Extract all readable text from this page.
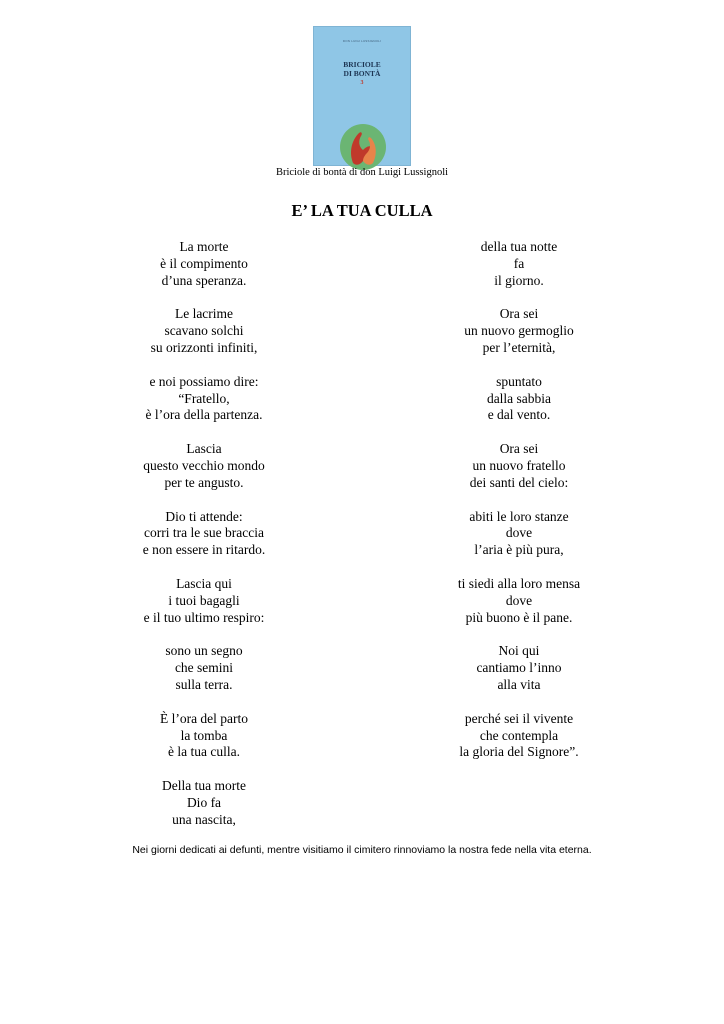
DON LUIGI LUSSIGNOLI
BRICIOLE
DI BONTÀ
3
Briciole di bontà di don Luigi Lussignoli
E’ LA TUA CULLA
La morte
è il compimento
d’una speranza.
Le lacrime
scavano solchi
su orizzonti infiniti,
e noi possiamo dire:
“Fratello,
è l’ora della partenza.
Lascia
questo vecchio mondo
per te angusto.
Dio ti attende:
corri tra le sue braccia
e non essere in ritardo.
Lascia qui
i tuoi bagagli
e il tuo ultimo respiro:
sono un segno
che semini
sulla terra.
È l’ora del parto
la tomba
è la tua culla.
Della tua morte
Dio fa
una nascita,
della tua notte
fa
il giorno.
Ora sei
un nuovo germoglio
per l’eternità,
spuntato
dalla sabbia
e dal vento.
Ora sei
un nuovo fratello
dei santi del cielo:
abiti le loro stanze
dove
l’aria è più pura,
ti siedi alla loro mensa
dove
più buono è il pane.
Noi qui
cantiamo l’inno
alla vita
perché sei il vivente
che contempla
la gloria del Signore”.
Nei giorni dedicati ai defunti, mentre visitiamo il cimitero rinnoviamo la nostra fede nella vita eterna.
